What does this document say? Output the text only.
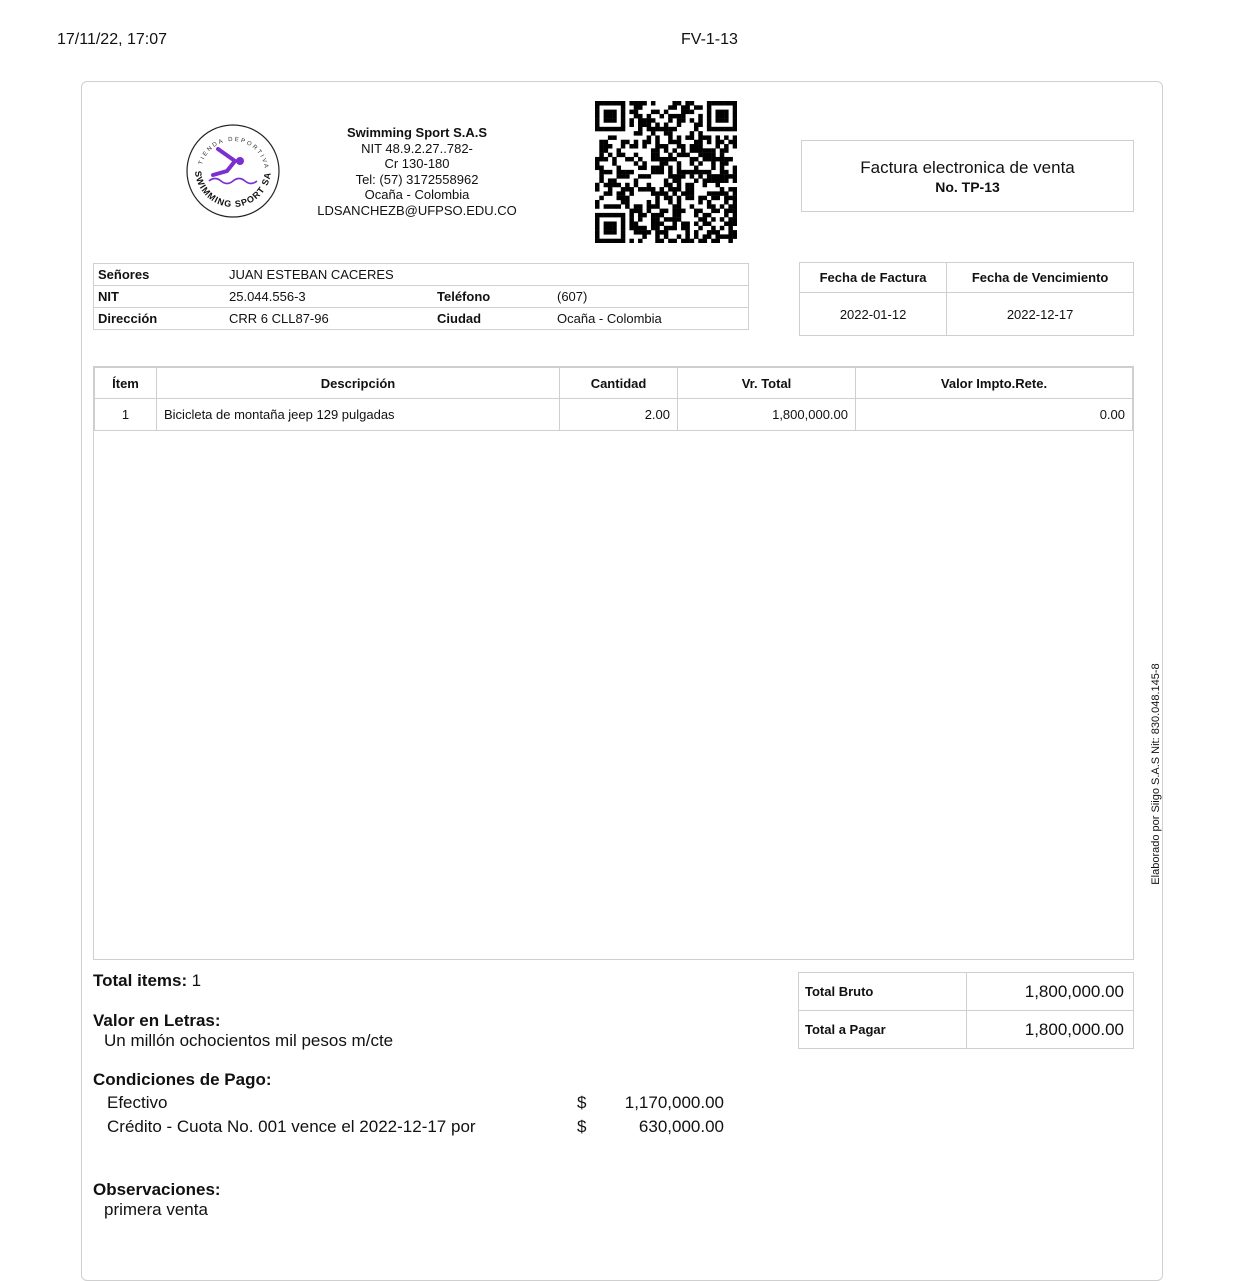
17/11/22, 17:07	FV-1-13
TIENDA DEPORTIVA
SWIMMING SPORT SA
Swimming Sport S.A.S
NIT 48.9.2.27..782-
Cr 130-180
Tel: (57) 3172558962
Ocaña - Colombia
LDSANCHEZB@UFPSO.EDU.CO
Factura electronica de venta
No. TP-13
Señores	JUAN ESTEBAN CACERES		
NIT	25.044.556-3	Teléfono	(607)
Dirección	CRR 6 CLL87-96	Ciudad	Ocaña - Colombia
Fecha de Factura	Fecha de Vencimiento
2022-01-12	2022-12-17
Ítem	Descripción	Cantidad	Vr. Total	Valor Impto.Rete.
1	Bicicleta de montaña jeep 129 pulgadas	2.00	1,800,000.00	0.00
Elaborado por Siigo S.A.S Nit: 830.048.145-8
Total items: 1
Valor en Letras:
Un millón ochocientos mil pesos m/cte
Condiciones de Pago:
Efectivo	$	1,170,000.00
Crédito - Cuota No. 001 vence el 2022-12-17 por	$	630,000.00
Observaciones:
primera venta
Total Bruto	1,800,000.00
Total a Pagar	1,800,000.00
